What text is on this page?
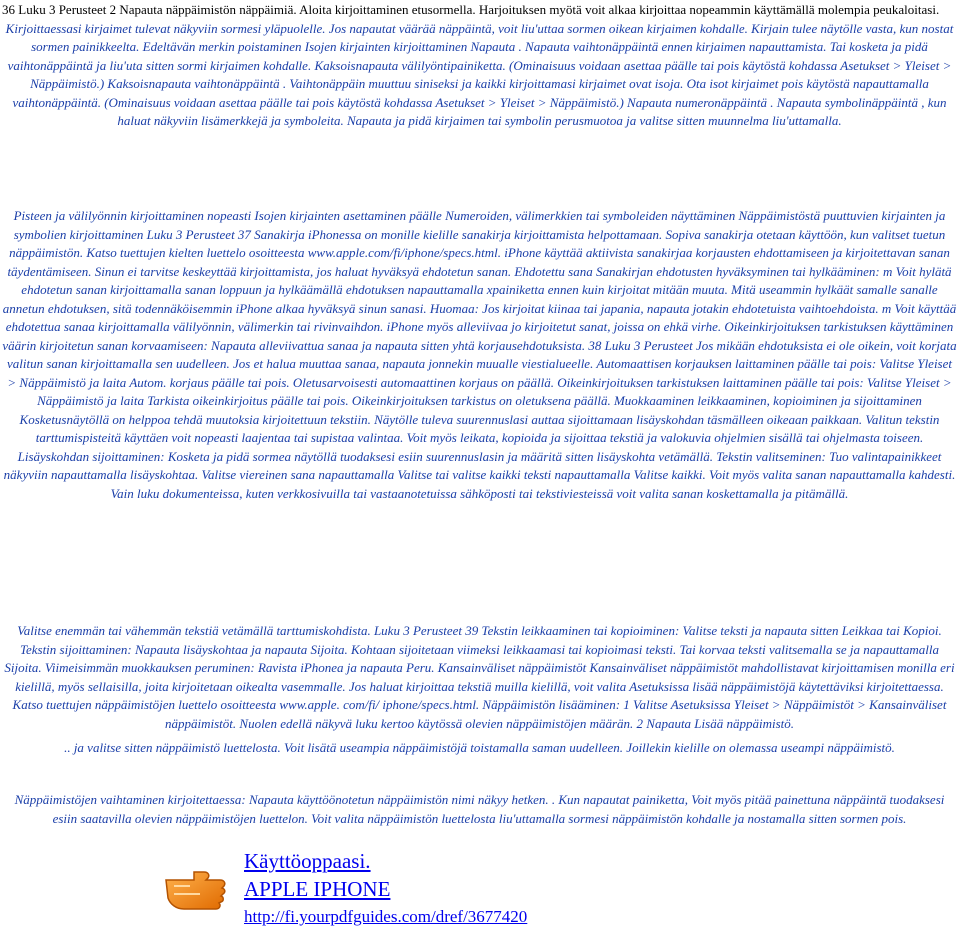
36 Luku 3 Perusteet 2 Napauta näppäimistön näppäimiä. Aloita kirjoittaminen etusormella. Harjoituksen myötä voit alkaa kirjoittaa nopeammin käyttämällä molempia peukaloitasi.
Kirjoittaessasi kirjaimet tulevat näkyviin sormesi yläpuolelle. Jos napautat väärää näppäintä, voit liu'uttaa sormen oikean kirjaimen kohdalle. Kirjain tulee näytölle vasta, kun nostat sormen painikkeelta. Edeltävän merkin poistaminen Isojen kirjainten kirjoittaminen Napauta . Napauta vaihtonäppäintä ennen kirjaimen napauttamista. Tai kosketa ja pidä vaihtonäppäintä ja liu'uta sitten sormi kirjaimen kohdalle. Kaksoisnapauta välilyöntipainiketta. (Ominaisuus voidaan asettaa päälle tai pois käytöstä kohdassa Asetukset > Yleiset > Näppäimistö.) Kaksoisnapauta vaihtonäppäintä . Vaihtonäppäin muuttuu siniseksi ja kaikki kirjoittamasi kirjaimet ovat isoja. Ota isot kirjaimet pois käytöstä napauttamalla vaihtonäppäintä. (Ominaisuus voidaan asettaa päälle tai pois käytöstä kohdassa Asetukset > Yleiset > Näppäimistö.) Napauta numeronäppäintä . Napauta symbolinäppäintä , kun haluat näkyviin lisämerkkejä ja symboleita. Napauta ja pidä kirjaimen tai symbolin perusmuotoa ja valitse sitten muunnelma liu'uttamalla.

Pisteen ja välilyönnin kirjoittaminen nopeasti Isojen kirjainten asettaminen päälle Numeroiden, välimerkkien tai symboleiden näyttäminen Näppäimistöstä puuttuvien kirjainten ja symbolien kirjoittaminen Luku 3 Perusteet 37 Sanakirja iPhonessa on monille kielille sanakirja kirjoittamista helpottamaan. Sopiva sanakirja otetaan käyttöön, kun valitset tuetun näppäimistön. Katso tuettujen kielten luettelo osoitteesta www.apple.com/fi/iphone/specs.html. iPhone käyttää aktiivista sanakirjaa korjausten ehdottamiseen ja kirjoitettavan sanan täydentämiseen. Sinun ei tarvitse keskeyttää kirjoittamista, jos haluat hyväksyä ehdotetun sanan. Ehdotettu sana Sanakirjan ehdotusten hyväksyminen tai hylkääminen: m Voit hylätä ehdotetun sanan kirjoittamalla sanan loppuun ja hylkäämällä ehdotuksen napauttamalla xpainiketta ennen kuin kirjoitat mitään muuta. Mitä useammin hylkäät samalle sanalle annetun ehdotuksen, sitä todennäköisemmin iPhone alkaa hyväksyä sinun sanasi. Huomaa: Jos kirjoitat kiinaa tai japania, napauta jotakin ehdotetuista vaihtoehdoista. m Voit käyttää ehdotettua sanaa kirjoittamalla välilyönnin, välimerkin tai rivinvaihdon. iPhone myös alleviivaa jo kirjoitetut sanat, joissa on ehkä virhe. Oikeinkirjoituksen tarkistuksen käyttäminen väärin kirjoitetun sanan korvaamiseen: Napauta alleviivattua sanaa ja napauta sitten yhtä korjausehdotuksista. 38 Luku 3 Perusteet Jos mikään ehdotuksista ei ole oikein, voit korjata valitun sanan kirjoittamalla sen uudelleen. Jos et halua muuttaa sanaa, napauta jonnekin muualle viestialueelle. Automaattisen korjauksen laittaminen päälle tai pois: Valitse Yleiset > Näppäimistö ja laita Autom. korjaus päälle tai pois. Oletusarvoisesti automaattinen korjaus on päällä. Oikeinkirjoituksen tarkistuksen laittaminen päälle tai pois: Valitse Yleiset > Näppäimistö ja laita Tarkista oikeinkirjoitus päälle tai pois. Oikeinkirjoituksen tarkistus on oletuksena päällä. Muokkaaminen leikkaaminen, kopioiminen ja sijoittaminen Kosketusnäytöllä on helppoa tehdä muutoksia kirjoitettuun tekstiin. Näytölle tuleva suurennuslasi auttaa sijoittamaan lisäyskohdan täsmälleen oikeaan paikkaan. Valitun tekstin tarttumispisteitä käyttäen voit nopeasti laajentaa tai supistaa valintaa. Voit myös leikata, kopioida ja sijoittaa tekstiä ja valokuvia ohjelmien sisällä tai ohjelmasta toiseen. Lisäyskohdan sijoittaminen: Kosketa ja pidä sormea näytöllä tuodaksesi esiin suurennuslasin ja määritä sitten lisäyskohta vetämällä. Tekstin valitseminen: Tuo valintapainikkeet näkyviin napauttamalla lisäyskohtaa. Valitse viereinen sana napauttamalla Valitse tai valitse kaikki teksti napauttamalla Valitse kaikki. Voit myös valita sanan napauttamalla kahdesti. Vain luku dokumenteissa, kuten verkkosivuilla tai vastaanotetuissa sähköposti tai tekstiviesteissä voit valita sanan koskettamalla ja pitämällä.

Valitse enemmän tai vähemmän tekstiä vetämällä tarttumiskohdista. Luku 3 Perusteet 39 Tekstin leikkaaminen tai kopioiminen: Valitse teksti ja napauta sitten Leikkaa tai Kopioi. Tekstin sijoittaminen: Napauta lisäyskohtaa ja napauta Sijoita. Kohtaan sijoitetaan viimeksi leikkaamasi tai kopioimasi teksti. Tai korvaa teksti valitsemalla se ja napauttamalla Sijoita. Viimeisimmän muokkauksen peruminen: Ravista iPhonea ja napauta Peru. Kansainväliset näppäimistöt Kansainväliset näppäimistöt mahdollistavat kirjoittamisen monilla eri kielillä, myös sellaisilla, joita kirjoitetaan oikealta vasemmalle. Jos haluat kirjoittaa tekstiä muilla kielillä, voit valita Asetuksissa lisää näppäimistöjä käytettäviksi kirjoitettaessa. Katso tuettujen näppäimistöjen luettelo osoitteesta www.apple. com/fi/ iphone/specs.html. Näppäimistön lisääminen: 1 Valitse Asetuksissa Yleiset > Näppäimistöt > Kansainväliset näppäimistöt. Nuolen edellä näkyvä luku kertoo käytössä olevien näppäimistöjen määrän. 2 Napauta Lisää näppäimistö.

.. ja valitse sitten näppäimistö luettelosta. Voit lisätä useampia näppäimistöjä toistamalla saman uudelleen. Joillekin kielille on olemassa useampi näppäimistö.

Näppäimistöjen vaihtaminen kirjoitettaessa: Napauta käyttöönotetun näppäimistön nimi näkyy hetken. . Kun napautat painiketta, Voit myös pitää painettuna näppäintä tuodaksesi esiin saatavilla olevien näppäimistöjen luettelon. Voit valita näppäimistön luettelosta liu'uttamalla sormesi näppäimistön kohdalle ja nostamalla sitten sormen pois.

Käyttöoppaasi.
APPLE IPHONE
http://fi.yourpdfguides.com/dref/3677420
